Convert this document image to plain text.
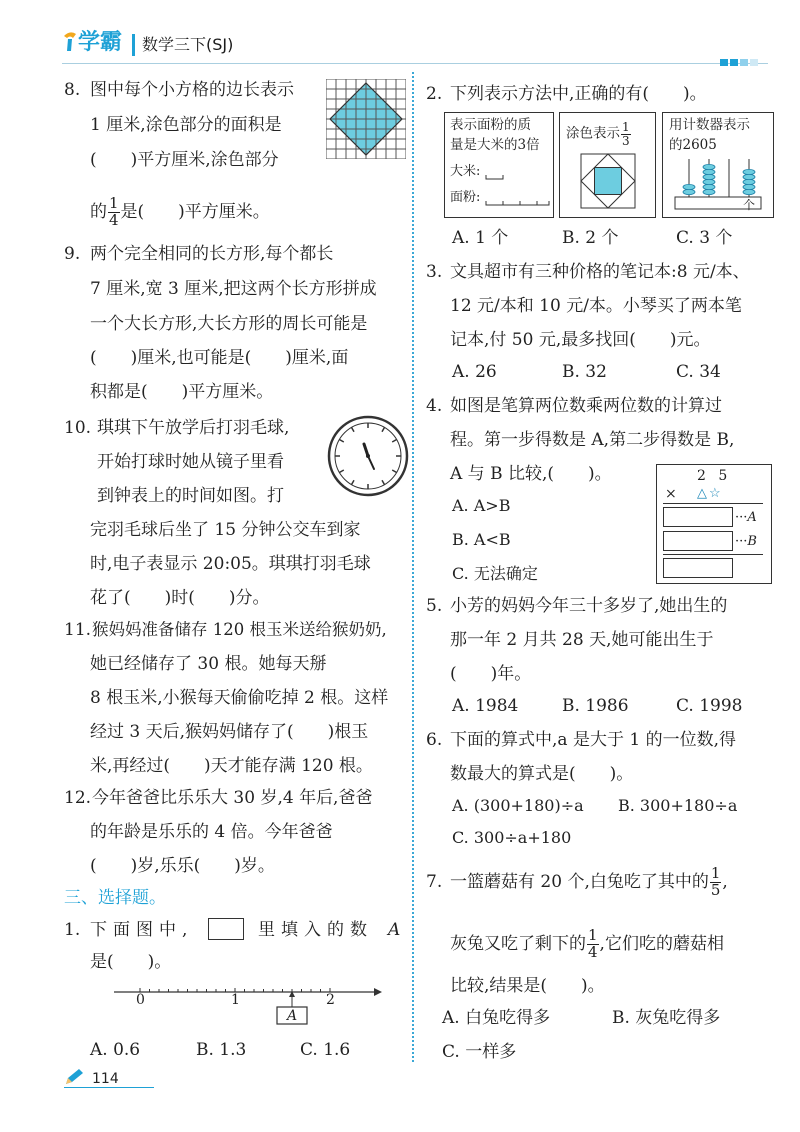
学霸 数学三下(SJ)
8. 图中每个小方格的边长表示
1 厘米,涂色部分的面积是
(　　)平方厘米,涂色部分
的 $\frac{1}{4}$ 是(　　)平方厘米。
9. 两个完全相同的长方形,每个都长
7 厘米,宽 3 厘米,把这两个长方形拼成
一个大长方形,大长方形的周长可能是
(　　)厘米,也可能是(　　)厘米,面
积都是(　　)平方厘米。
10. 琪琪下午放学后打羽毛球,
开始打球时她从镜子里看
到钟表上的时间如图。打
完羽毛球后坐了 15 分钟公交车到家
时,电子表显示 20:05。琪琪打羽毛球
花了(　　)时(　　)分。
11. 猴妈妈准备储存 120 根玉米送给猴奶奶,
她已经储存了 30 根。她每天掰
8 根玉米,小猴每天偷偷吃掉 2 根。这样
经过 3 天后,猴妈妈储存了(　　)根玉
米,再经过(　　)天才能存满 120 根。
12. 今年爸爸比乐乐大 30 岁,4 年后,爸爸
的年龄是乐乐的 4 倍。今年爸爸
(　　)岁,乐乐(　　)岁。
三、选择题。
1. 下面图中,	里填入的数 A
是(　　)。
0	1	2
A
A. 0.6	B. 1.3	C. 1.6
114
2. 下列表示方法中,正确的有(　　)。
表示面粉的质
量是大米的3倍
大米:
面粉:
涂色表示 $\frac{1}{3}$	用计数器表示
的2605
个
A. 1 个	B. 2 个	C. 3 个
3. 文具超市有三种价格的笔记本:8 元/本、
12 元/本和 10 元/本。小琴买了两本笔
记本,付 50 元,最多找回(　　)元。
A. 26	B. 32	C. 34
4. 如图是笔算两位数乘两位数的计算过
程。第一步得数是 A,第二步得数是 B,
A 与 B 比较,(　　)。
A. A>B
B. A<B
C. 无法确定
2 5
× △☆
···A
···B
5. 小芳的妈妈今年三十多岁了,她出生的
那一年 2 月共 28 天,她可能出生于
(　　)年。
A. 1984	B. 1986	C. 1998
6. 下面的算式中,a 是大于 1 的一位数,得
数最大的算式是(　　)。
A. (300+180)÷a B. 300+180÷a
C. 300÷a+180
7. 一篮蘑菇有 20 个,白兔吃了其中的 $\frac{1}{5}$ ,
灰兔又吃了剩下的 $\frac{1}{4}$ ,它们吃的蘑菇相
比较,结果是(　　)。
A. 白兔吃得多	B. 灰兔吃得多
C. 一样多
